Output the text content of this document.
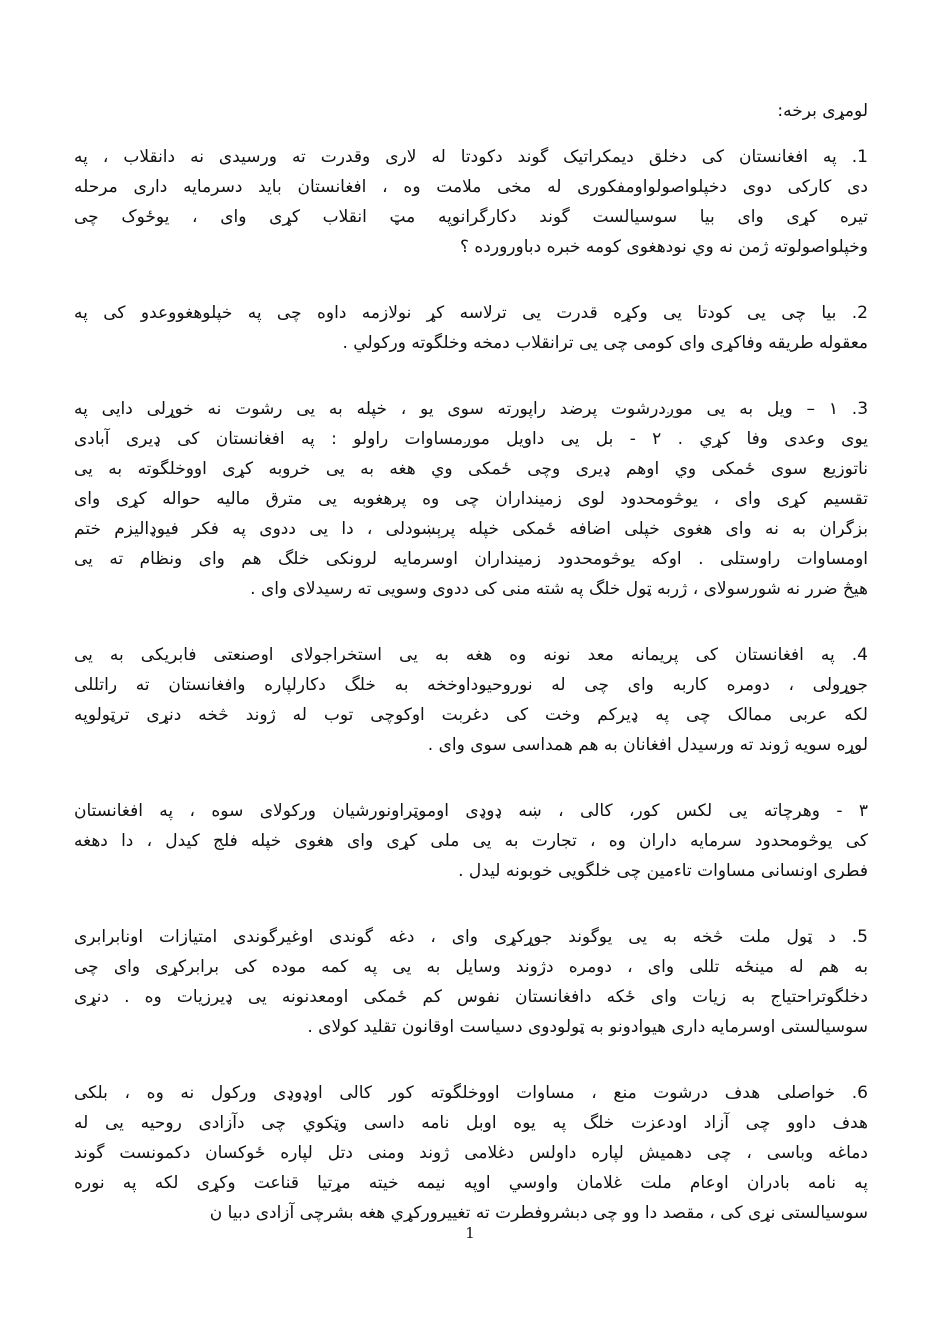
لومړی برخه:
1. په افغانستان کی دخلق دیمکراتیک گوند دکودتا له لاری وقدرت ته ورسیدی نه دانقلاب ، په
دی کارکی دوی دخپلواصولواومفکوری له مخی ملامت وه ، افغانستان باید دسرمایه داری مرحله
تیره کړی وای بیا سوسیالست گوند دکارگرانوپه مټ انقلاب کړی وای ، یوځوک چی
وخپلواصولوته ژمن نه وي نودهغوی کومه خبره دباورورده ؟
2. بیا چی یی کودتا یی وکړه قدرت یی ترلاسه کړ نولازمه داوه چی په خپلوهغووعدو کی په
معقوله طریقه وفاکړی وای کومی چی یی ترانقلاب دمخه وخلگوته ورکولي .
3. ۱ – ویل به یی موږدرشوت پرضد راپورته سوی یو ، خپله به یی رشوت نه خوړلی دایی په
یوی وعدی وفا کړي . ۲ - بل یی داویل موږمساوات راولو : په افغانستان کی ډیری آبادی
ناتوزیع سوی ځمکی وي اوهم ډیری وچی ځمکی وي هغه به یی خروبه کړی اووخلگوته به یی
تقسیم کړی وای ، یوڅومحدود لوی زمینداران چی وه پرهغوبه یی مترق مالیه حواله کړی وای
بزگران به نه وای هغوی خپلی اضافه ځمکی خپله پرېښودلی ، دا یی ددوی په فکر فیوډالیزم ختم
اومساوات راوستلی . اوکه یوڅومحدود زمینداران اوسرمایه لرونکی خلگ هم وای ونظام ته یی
هیڅ ضرر نه شورسولای ، ژربه ټول خلگ په شته منی کی ددوی وسویی ته رسیدلای وای .
4. په افغانستان کی پریمانه معد نونه وه هغه به یی استخراجولای اوصنعتی فابریکی به یی
جوړولی ، دومره کاربه وای چی له نوروحیوداوخخه به خلگ دکارلپاره وافغانستان ته راتللی
لکه عربی ممالک چی په ډیرکم وخت کی دغربت اوکوچی توب له ژوند څخه دنړی ترټولوپه
لوړه سویه ژوند ته ورسیدل افغانان به هم همداسی سوی وای .
۳ - وهرچاته یی لکس کور، کالی ، ښه ډوډی اوموټراونورشیان ورکولای سوه ، په افغانستان
کی یوڅومحدود سرمایه داران وه ، تجارت به یی ملی کړی وای هغوی خپله فلج کیدل ، دا دهغه
فطری اونسانی مساوات تاءمین چی خلگویی خوبونه لیدل .
5. د ټول ملت څخه به یی یوگوند جوړکړی وای ، دغه گوندی اوغیرگوندی امتیازات اونابرابری
به هم له مینځه تللی وای ، دومره دژوند وسایل به یی په کمه موده کی برابرکړی وای چی
دخلگوتراحتیاج به زیات وای ځکه دافغانستان نفوس کم ځمکی اومعدنونه یی ډیرزیات وه . دنړی
سوسیالستی اوسرمایه داری هیوادونو به ټولودوی دسیاست اوقانون تقلید کولای .
6. خواصلی هدف درشوت منع ، مساوات اووخلگوته کور کالی اوډوډی ورکول نه وه ، بلکی
هدف داوو چی آزاد اودعزت خلگ په یوه اوبل نامه داسی وټکوي چی دآزادی روحیه یی له
دماغه وباسی ، چی دهمیش لپاره داولس دغلامی ژوند ومنی دتل لپاره ځوکسان دکمونست گوند
په نامه بادران اوعام ملت غلامان واوسي اوپه نیمه خیته مړتیا قناعت وکړی لکه په نوره
سوسیالستی نړی کی ، مقصد دا وو چی دبشروفطرت ته تغییرورکړي هغه بشرچی آزادی دبیا ن
1
